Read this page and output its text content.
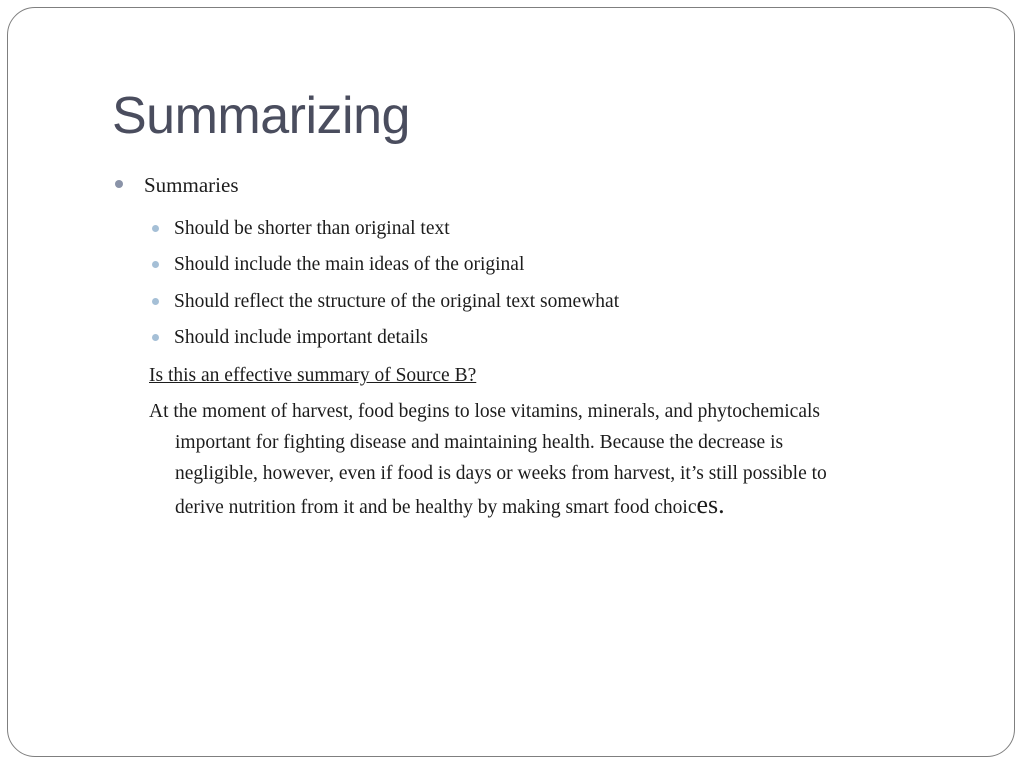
Summarizing
Summaries
Should be shorter than original text
Should include the main ideas of the original
Should reflect the structure of the original text somewhat
Should include important details
Is this an effective summary of Source B?
At the moment of harvest, food begins to lose vitamins, minerals, and phytochemicals
important for fighting disease and maintaining health. Because the decrease is
negligible, however, even if food is days or weeks from harvest, it’s still possible to
derive nutrition from it and be healthy by making smart food choices.
